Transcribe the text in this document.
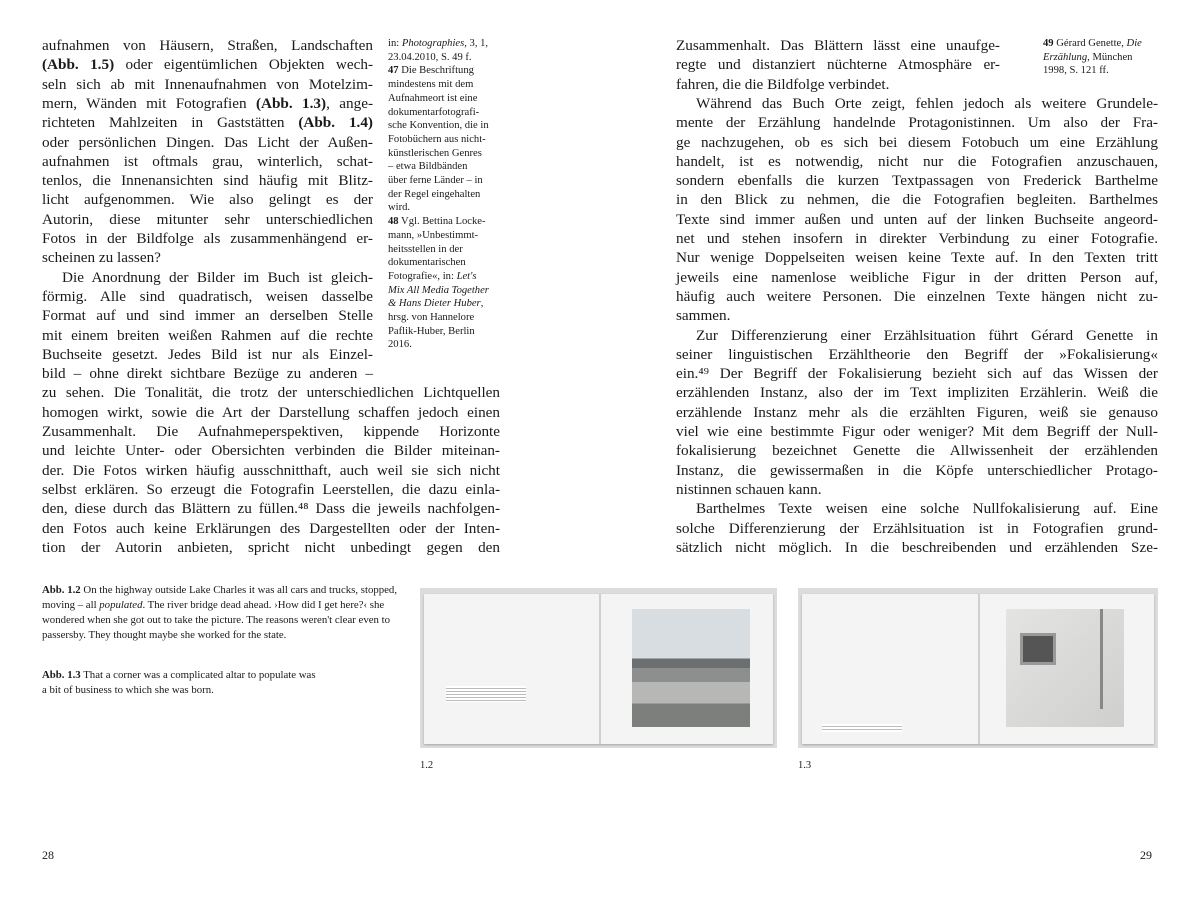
aufnahmen von Häusern, Straßen, Landschaften
(Abb. 1.5) oder eigentümlichen Objekten wech-
seln sich ab mit Innenaufnahmen von Motelzim-
mern, Wänden mit Fotografien (Abb. 1.3), ange-
richteten Mahlzeiten in Gaststätten (Abb. 1.4)
oder persönlichen Dingen. Das Licht der Außen-
aufnahmen ist oftmals grau, winterlich, schat-
tenlos, die Innenansichten sind häufig mit Blitz-
licht aufgenommen. Wie also gelingt es der
Autorin, diese mitunter sehr unterschiedlichen
Fotos in der Bildfolge als zusammenhängend er-
scheinen zu lassen?
Die Anordnung der Bilder im Buch ist gleich-
förmig. Alle sind quadratisch, weisen dasselbe
Format auf und sind immer an derselben Stelle
mit einem breiten weißen Rahmen auf die rechte
Buchseite gesetzt. Jedes Bild ist nur als Einzel-
bild – ohne direkt sichtbare Bezüge zu anderen –
zu sehen. Die Tonalität, die trotz der unterschiedlichen Lichtquellen
homogen wirkt, sowie die Art der Darstellung schaffen jedoch einen
Zusammenhalt. Die Aufnahmeperspektiven, kippende Horizonte
und leichte Unter- oder Obersichten verbinden die Bilder miteinan-
der. Die Fotos wirken häufig ausschnitthaft, auch weil sie sich nicht
selbst erklären. So erzeugt die Fotografin Leerstellen, die dazu einla-
den, diese durch das Blättern zu füllen.⁴⁸ Dass die jeweils nachfolgen-
den Fotos auch keine Erklärungen des Dargestellten oder der Inten-
tion der Autorin anbieten, spricht nicht unbedingt gegen den
Zusammenhalt. Das Blättern lässt eine unaufge-
regte und distanziert nüchterne Atmosphäre er-
fahren, die die Bildfolge verbindet.
Während das Buch Orte zeigt, fehlen jedoch als weitere Grundele-
mente der Erzählung handelnde Protagonistinnen. Um also der Fra-
ge nachzugehen, ob es sich bei diesem Fotobuch um eine Erzählung
handelt, ist es notwendig, nicht nur die Fotografien anzuschauen,
sondern ebenfalls die kurzen Textpassagen von Frederick Barthelme
in den Blick zu nehmen, die die Fotografien begleiten. Barthelmes
Texte sind immer außen und unten auf der linken Buchseite angeord-
net und stehen insofern in direkter Verbindung zu einer Fotografie.
Nur wenige Doppelseiten weisen keine Texte auf. In den Texten tritt
jeweils eine namenlose weibliche Figur in der dritten Person auf,
häufig auch weitere Personen. Die einzelnen Texte hängen nicht zu-
sammen.
Zur Differenzierung einer Erzählsituation führt Gérard Genette in
seiner linguistischen Erzähltheorie den Begriff der »Fokalisierung«
ein.⁴⁹ Der Begriff der Fokalisierung bezieht sich auf das Wissen der
erzählenden Instanz, also der im Text impliziten Erzählerin. Weiß die
erzählende Instanz mehr als die erzählten Figuren, weiß sie genauso
viel wie eine bestimmte Figur oder weniger? Mit dem Begriff der Null-
fokalisierung bezeichnet Genette die Allwissenheit der erzählenden
Instanz, die gewissermaßen in die Köpfe unterschiedlicher Protago-
nistinnen schauen kann.
Barthelmes Texte weisen eine solche Nullfokalisierung auf. Eine
solche Differenzierung der Erzählsituation ist in Fotografien grund-
sätzlich nicht möglich. In die beschreibenden und erzählenden Sze-
in: Photographies, 3, 1,
23.04.2010, S. 49 f.
47 Die Beschriftung
mindestens mit dem
Aufnahmeort ist eine
dokumentarfotografi-
sche Konvention, die in
Fotobüchern aus nicht-
künstlerischen Genres
– etwa Bildbänden
über ferne Länder – in
der Regel eingehalten
wird.
48 Vgl. Bettina Locke-
mann, »Unbestimmt-
heitsstellen in der
dokumentarischen
Fotografie«, in: Let's
Mix All Media Together
& Hans Dieter Huber,
hrsg. von Hannelore
Paflik-Huber, Berlin
2016.
49 Gérard Genette, Die
Erzählung, München
1998, S. 121 ff.
Abb. 1.2 On the highway outside Lake Charles it was all cars and trucks, stopped, moving – all populated. The river bridge dead ahead. ›How did I get here?‹ she wondered when she got out to take the picture. The reasons weren't clear even to passersby. They thought maybe she worked for the state.
Abb. 1.3 That a corner was a complicated altar to populate was a bit of business to which she was born.
1.2	1.3
28	29
